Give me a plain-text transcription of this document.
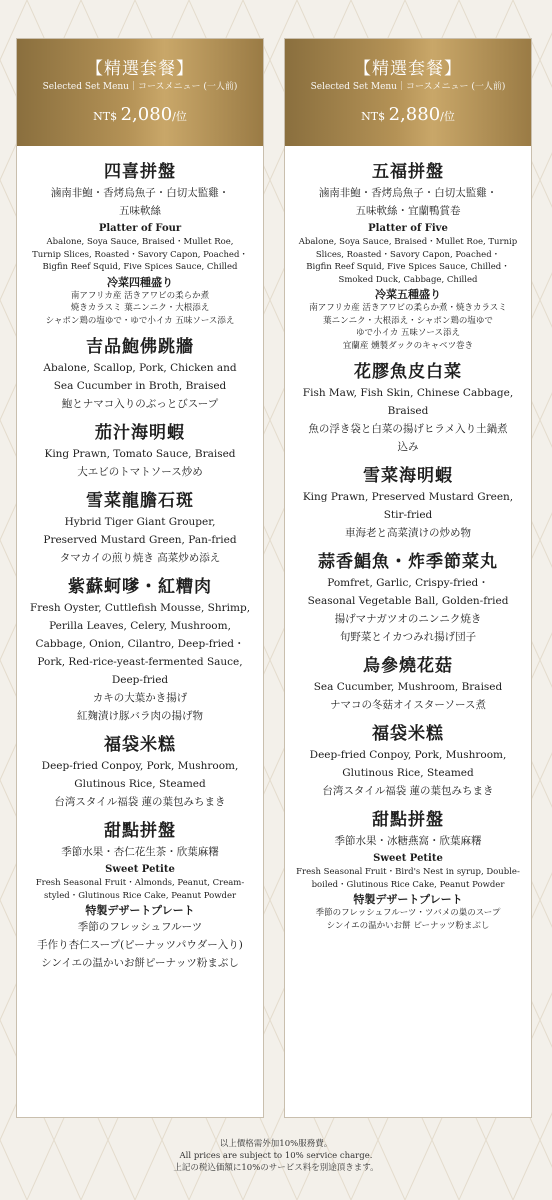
【精選套餐】
Selected Set Menu｜コースメニュー (一人前)
NT$ 2,080/位
四喜拼盤
滷南非鮑・香烤烏魚子・白切太監雞・
五味軟絲
Platter of Four
Abalone, Soya Sauce, Braised・Mullet Roe,
Turnip Slices, Roasted・Savory Capon, Poached・
Bigfin Reef Squid, Five Spices Sauce, Chilled
冷菜四種盛り
南アフリカ産 活きアワビの柔らか煮
焼きカラスミ 葉ニンニク・大根添え
シャポン鶏の塩ゆで・ゆで小イカ 五味ソース添え
吉品鮑佛跳牆
Abalone, Scallop, Pork, Chicken and
Sea Cucumber in Broth, Braised
鮑とナマコ入りのぶっとびスープ
茄汁海明蝦
King Prawn, Tomato Sauce, Braised
大エビのトマトソース炒め
雪菜龍膽石斑
Hybrid Tiger Giant Grouper,
Preserved Mustard Green, Pan-fried
タマカイの煎り焼き 高菜炒め添え
紫蘇蚵嗲・紅糟肉
Fresh Oyster, Cuttlefish Mousse, Shrimp,
Perilla Leaves, Celery, Mushroom,
Cabbage, Onion, Cilantro, Deep-fried・
Pork, Red-rice-yeast-fermented Sauce,
Deep-fried
カキの大葉かき揚げ
紅麹漬け豚バラ肉の揚げ物
福袋米糕
Deep-fried Conpoy, Pork, Mushroom,
Glutinous Rice, Steamed
台湾スタイル福袋 蓮の葉包みちまき
甜點拼盤
季節水果・杏仁花生茶・欣葉麻糬
Sweet Petite
Fresh Seasonal Fruit・Almonds, Peanut, Cream-
styled・Glutinous Rice Cake, Peanut Powder
特製デザートプレート
季節のフレッシュフルーツ
手作り杏仁スープ(ピーナッツパウダー入り)
シンイエの温かいお餅ピーナッツ粉まぶし
【精選套餐】
Selected Set Menu｜コースメニュー (一人前)
NT$ 2,880/位
五福拼盤
滷南非鮑・香烤烏魚子・白切太監雞・
五味軟絲・宜蘭鴨賞卷
Platter of Five
Abalone, Soya Sauce, Braised・Mullet Roe, Turnip
Slices, Roasted・Savory Capon, Poached・
Bigfin Reef Squid, Five Spices Sauce, Chilled・
Smoked Duck, Cabbage, Chilled
冷菜五種盛り
南アフリカ産 活きアワビの柔らか煮・焼きカラスミ
葉ニンニク・大根添え・シャポン鶏の塩ゆで
ゆで小イカ 五味ソース添え
宜蘭産 燻製ダックのキャベツ巻き
花膠魚皮白菜
Fish Maw, Fish Skin, Chinese Cabbage,
Braised
魚の浮き袋と白菜の揚げヒラメ入り土鍋煮
込み
雪菜海明蝦
King Prawn, Preserved Mustard Green,
Stir-fried
車海老と高菜漬けの炒め物
蒜香鯧魚・炸季節菜丸
Pomfret, Garlic, Crispy-fried・
Seasonal Vegetable Ball, Golden-fried
揚げマナガツオのニンニク焼き
旬野菜とイカつみれ揚げ団子
烏參燒花菇
Sea Cucumber, Mushroom, Braised
ナマコの冬菇オイスターソース煮
福袋米糕
Deep-fried Conpoy, Pork, Mushroom,
Glutinous Rice, Steamed
台湾スタイル福袋 蓮の葉包みちまき
甜點拼盤
季節水果・冰糖燕窩・欣葉麻糬
Sweet Petite
Fresh Seasonal Fruit・Bird's Nest in syrup, Double-
boiled・Glutinous Rice Cake, Peanut Powder
特製デザートプレート
季節のフレッシュフルーツ・ツバメの巣のスープ
シンイエの温かいお餅 ピーナッツ粉まぶし
以上價格需外加10%服務費。
All prices are subject to 10% service charge.
上記の税込価額に10%のサービス料を別途頂きます。
